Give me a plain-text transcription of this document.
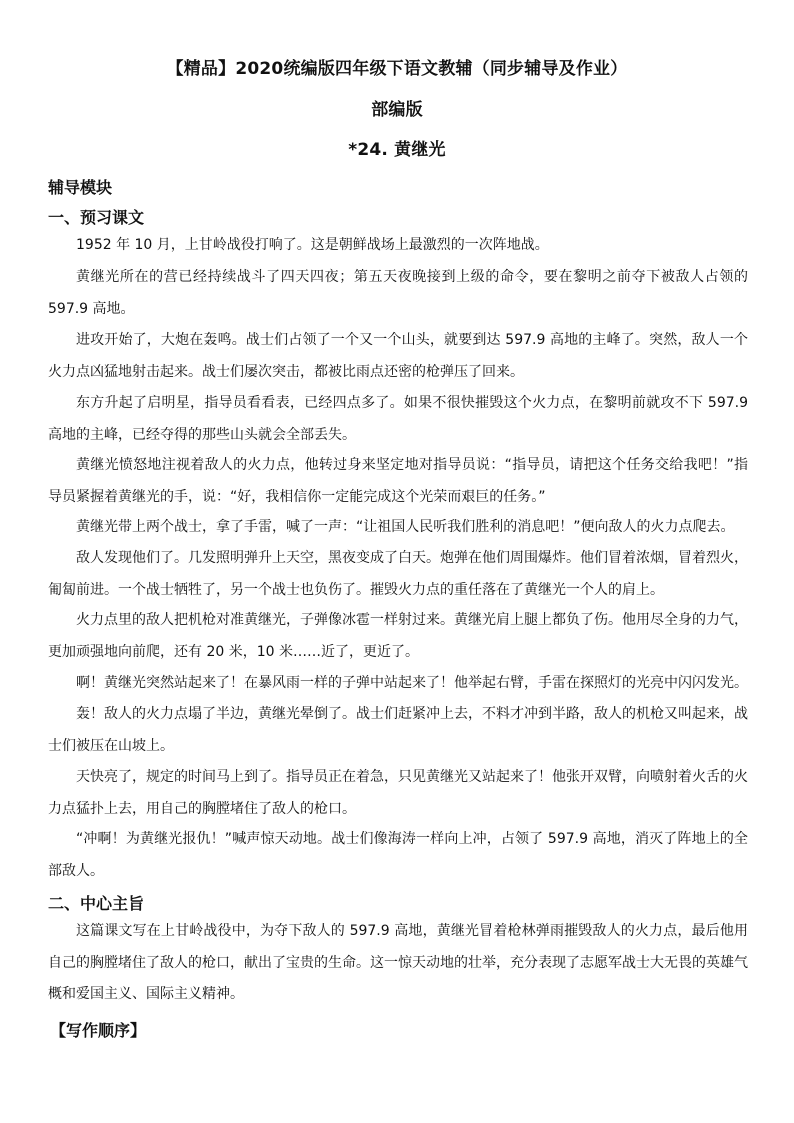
【精品】2020统编版四年级下语文教辅（同步辅导及作业）
部编版
*24. 黄继光
辅导模块
一、预习课文

1952 年 10 月，上甘岭战役打响了。这是朝鲜战场上最激烈的一次阵地战。

黄继光所在的营已经持续战斗了四天四夜；第五天夜晚接到上级的命令，要在黎明之前夺下被敌人占领的 597.9 高地。

进攻开始了，大炮在轰鸣。战士们占领了一个又一个山头，就要到达 597.9 高地的主峰了。突然，敌人一个火力点凶猛地射击起来。战士们屡次突击，都被比雨点还密的枪弹压了回来。

东方升起了启明星，指导员看看表，已经四点多了。如果不很快摧毁这个火力点，在黎明前就攻不下 597.9 高地的主峰，已经夺得的那些山头就会全部丢失。

黄继光愤怒地注视着敌人的火力点，他转过身来坚定地对指导员说：“指导员，请把这个任务交给我吧！”指导员紧握着黄继光的手，说：“好，我相信你一定能完成这个光荣而艰巨的任务。”

黄继光带上两个战士，拿了手雷，喊了一声：“让祖国人民听我们胜利的消息吧！”便向敌人的火力点爬去。

敌人发现他们了。几发照明弹升上天空，黑夜变成了白天。炮弹在他们周围爆炸。他们冒着浓烟，冒着烈火，匍匐前进。一个战士牺牲了，另一个战士也负伤了。摧毁火力点的重任落在了黄继光一个人的肩上。

火力点里的敌人把机枪对准黄继光，子弹像冰雹一样射过来。黄继光肩上腿上都负了伤。他用尽全身的力气，更加顽强地向前爬，还有 20 米，10 米……近了，更近了。

啊！黄继光突然站起来了！在暴风雨一样的子弹中站起来了！他举起右臂，手雷在探照灯的光亮中闪闪发光。

轰！敌人的火力点塌了半边，黄继光晕倒了。战士们赶紧冲上去，不料才冲到半路，敌人的机枪又叫起来，战士们被压在山坡上。

天快亮了，规定的时间马上到了。指导员正在着急，只见黄继光又站起来了！他张开双臂，向喷射着火舌的火力点猛扑上去，用自己的胸膛堵住了敌人的枪口。

“冲啊！为黄继光报仇！”喊声惊天动地。战士们像海涛一样向上冲，占领了 597.9 高地，消灭了阵地上的全部敌人。

二、中心主旨

这篇课文写在上甘岭战役中，为夺下敌人的 597.9 高地，黄继光冒着枪林弹雨摧毁敌人的火力点，最后他用自己的胸膛堵住了敌人的枪口，献出了宝贵的生命。这一惊天动地的壮举，充分表现了志愿军战士大无畏的英雄气概和爱国主义、国际主义精神。

【写作顺序】
